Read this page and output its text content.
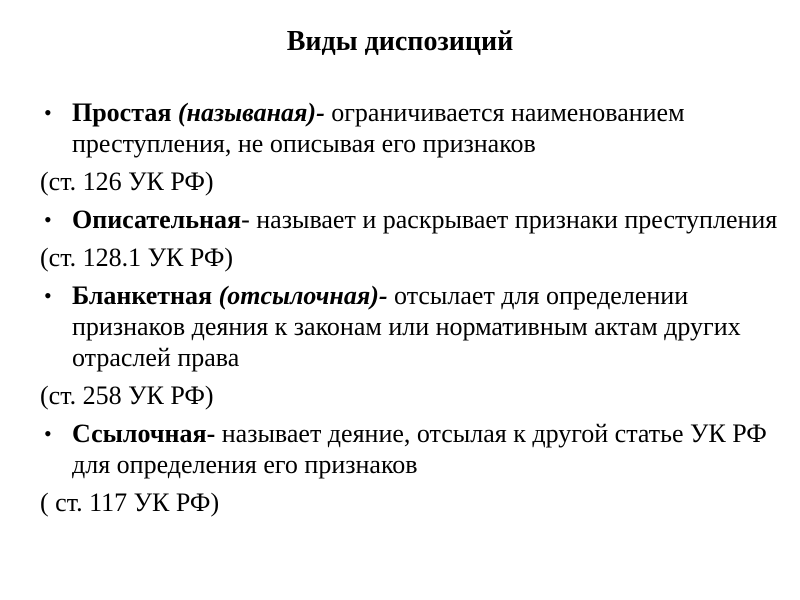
Виды диспозиций
• Простая (называная)- ограничивается наименованием преступления, не описывая его признаков
(ст. 126 УК РФ)
• Описательная- называет и раскрывает признаки преступления
(ст. 128.1 УК РФ)
• Бланкетная (отсылочная)- отсылает для определении признаков деяния к законам или нормативным актам других отраслей права
(ст. 258 УК РФ)
• Ссылочная- называет деяние, отсылая к другой статье УК РФ для определения его признаков
( ст. 117 УК РФ)
